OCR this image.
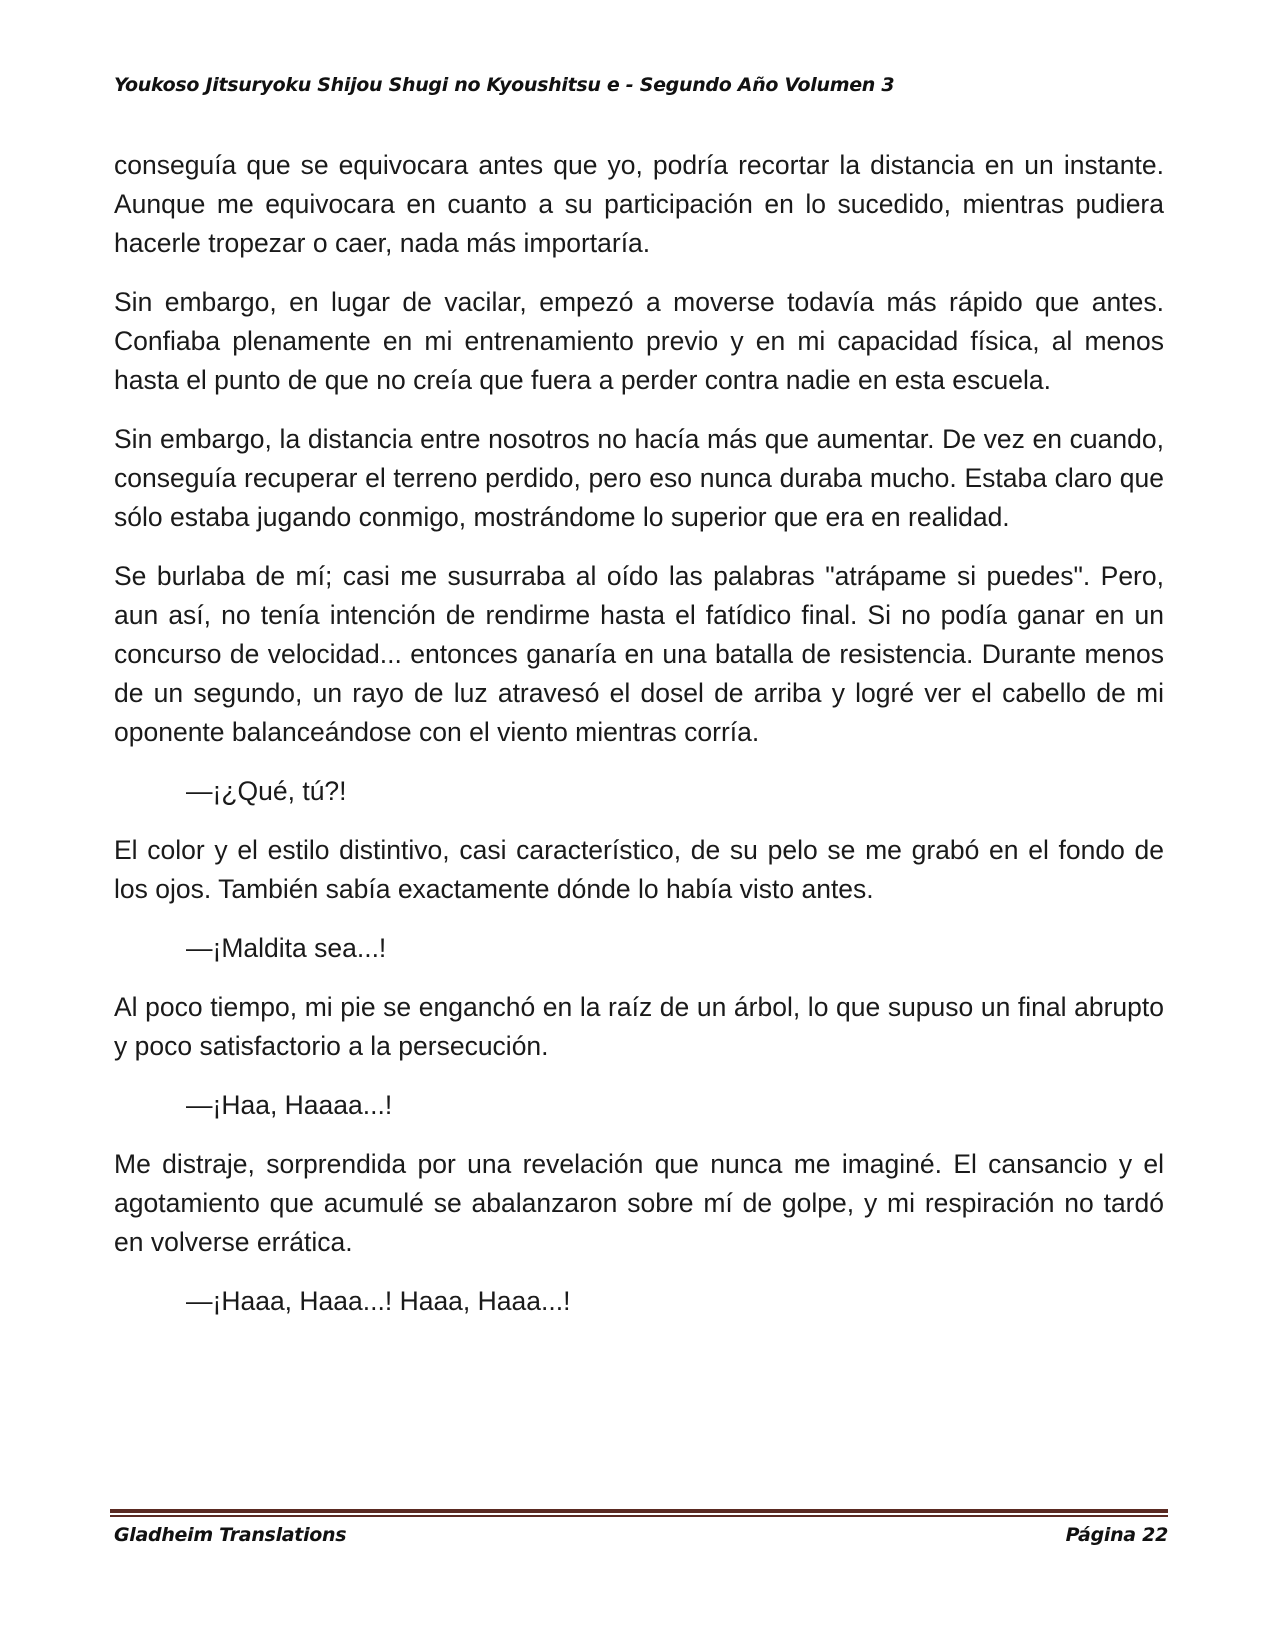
Youkoso Jitsuryoku Shijou Shugi no Kyoushitsu e - Segundo Año Volumen 3

conseguía que se equivocara antes que yo, podría recortar la distancia en un instante. Aunque me equivocara en cuanto a su participación en lo sucedido, mientras pudiera hacerle tropezar o caer, nada más importaría.

Sin embargo, en lugar de vacilar, empezó a moverse todavía más rápido que antes. Confiaba plenamente en mi entrenamiento previo y en mi capacidad física, al menos hasta el punto de que no creía que fuera a perder contra nadie en esta escuela.

Sin embargo, la distancia entre nosotros no hacía más que aumentar. De vez en cuando, conseguía recuperar el terreno perdido, pero eso nunca duraba mucho. Estaba claro que sólo estaba jugando conmigo, mostrándome lo superior que era en realidad.

Se burlaba de mí; casi me susurraba al oído las palabras "atrápame si puedes". Pero, aun así, no tenía intención de rendirme hasta el fatídico final. Si no podía ganar en un concurso de velocidad... entonces ganaría en una batalla de resistencia. Durante menos de un segundo, un rayo de luz atravesó el dosel de arriba y logré ver el cabello de mi oponente balanceándose con el viento mientras corría.

—¡¿Qué, tú?!

El color y el estilo distintivo, casi característico, de su pelo se me grabó en el fondo de los ojos. También sabía exactamente dónde lo había visto antes.

—¡Maldita sea...!

Al poco tiempo, mi pie se enganchó en la raíz de un árbol, lo que supuso un final abrupto y poco satisfactorio a la persecución.

—¡Haa, Haaaa...!

Me distraje, sorprendida por una revelación que nunca me imaginé. El cansancio y el agotamiento que acumulé se abalanzaron sobre mí de golpe, y mi respiración no tardó en volverse errática.

—¡Haaa, Haaa...! Haaa, Haaa...!

Gladheim Translations	Página 22
